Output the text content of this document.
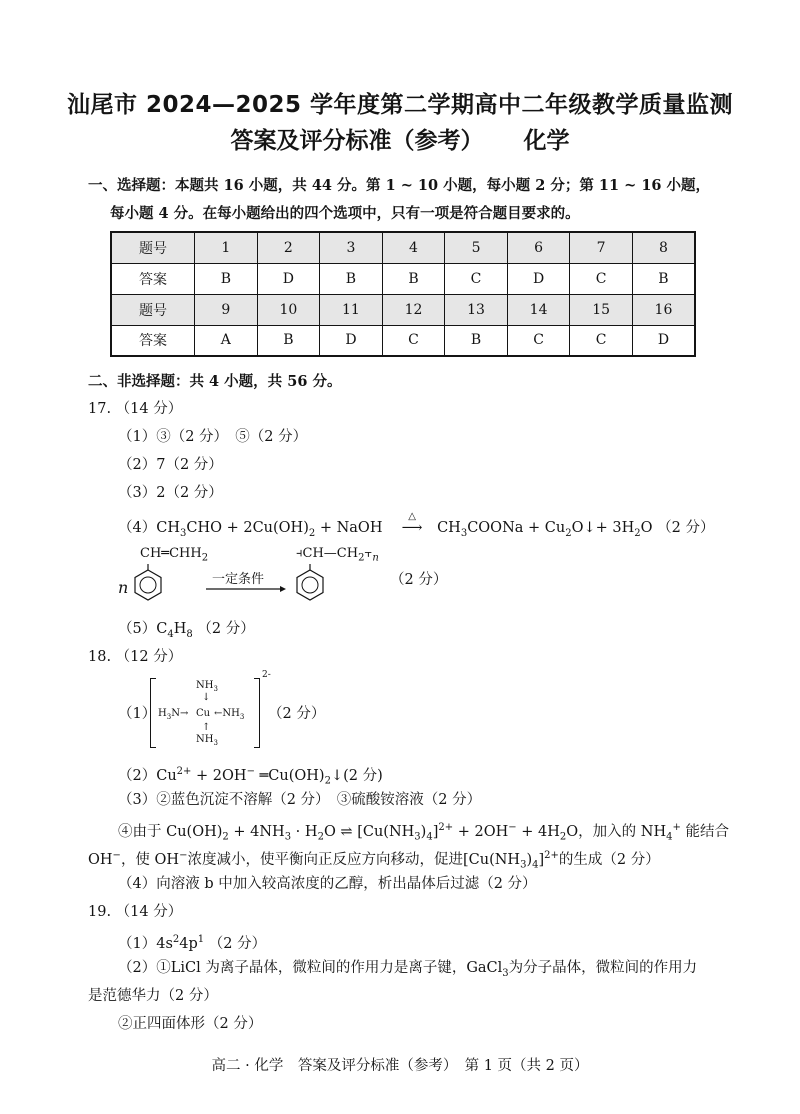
汕尾市 2024—2025 学年度第二学期高中二年级教学质量监测
答案及评分标准（参考） 化学
一、选择题：本题共 16 小题，共 44 分。第 1 ~ 10 小题，每小题 2 分；第 11 ~ 16 小题，
每小题 4 分。在每小题给出的四个选项中，只有一项是符合题目要求的。
题号	1	2	3	4	5	6	7	8
答案	B	D	B	B	C	D	C	B
题号	9	10	11	12	13	14	15	16
答案	A	B	D	C	B	C	C	D
二、非选择题：共 4 小题，共 56 分。
17. （14 分）
（1）③（2 分）　⑤（2 分）
（2）7（2 分）
（3）2（2 分）
$(4)CH_3CHO + 2Cu(OH)_2$ + NaOH
△
⟶ $CH_3COONa$ + $Cu_2O↓+ 3H_2O$ （2 分）
$CH═CHH_2$
n	一定条件
$⫞CH—CH_2⫟_n$
（2 分）
$(5)C_4H_8$ （2 分）
18. （12 分）
（1）
$NH_3$
↓
$H_3N\to Cu$ $\leftarrow NH_3$
↑
$NH_3$
2-
（2 分）
$(2)Cu^{2+} + 2OH^-$ $═Cu(OH)_2↓(2$ 分)
（3）②蓝色沉淀不溶解（2 分）　③硫酸铵溶液（2 分）
④由于 $Cu(OH)_2 + 4NH_3 \cdot H_2O$ ⇌ $[Cu(NH_3)_4]^{2+} + 2OH^- + 4H_2O$，加入的 $NH_4^+$ 能结合
OH−，使 OH−浓度减小，使平衡向正反应方向移动，促进$[Cu(NH_3)_4]^{2+}$的生成（2 分）
（4）向溶液 b 中加入较高浓度的乙醇，析出晶体后过滤（2 分）
19. （14 分）
$(1)4s^24p^1$ （2 分）
（2）①LiCl 为离子晶体，微粒间的作用力是离子键，GaCl$_3$为分子晶体，微粒间的作用力
是范德华力（2 分）
②正四面体形（2 分）
高二 · 化学　答案及评分标准（参考）　第 1 页（共 2 页）
